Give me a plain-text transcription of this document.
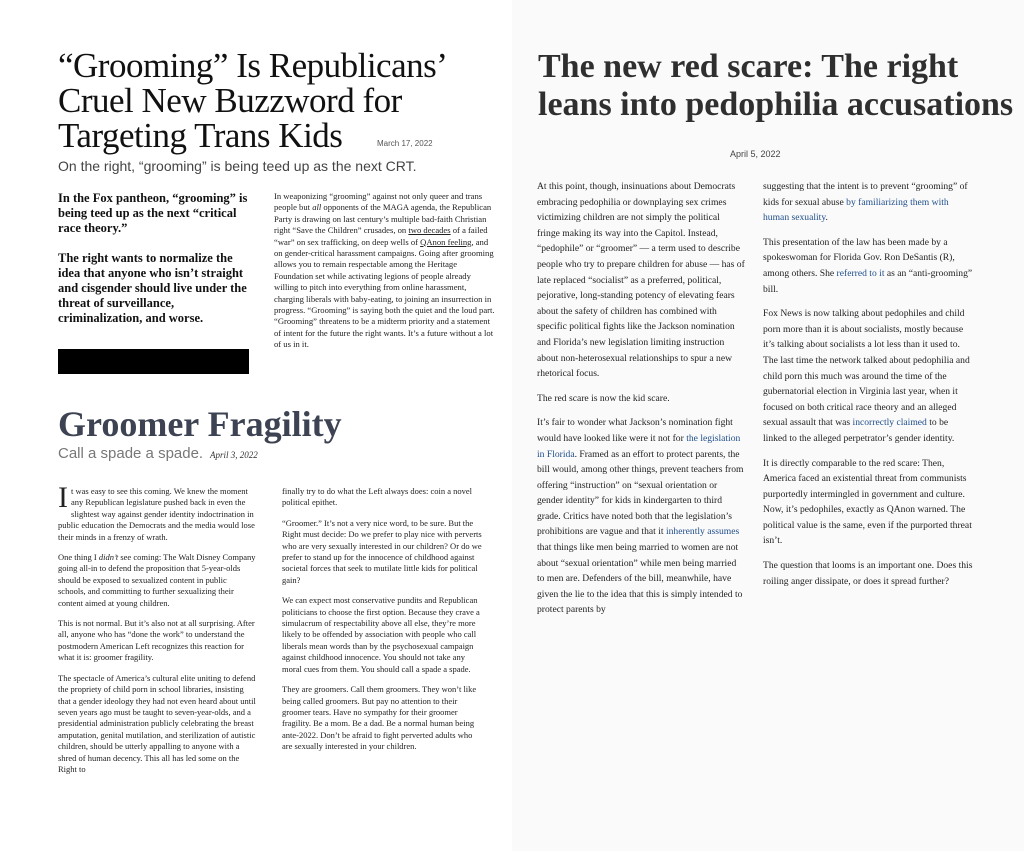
“Grooming” Is Republicans’ Cruel New Buzzword for Targeting Trans Kids	March 17, 2022
On the right, “grooming” is being teed up as the next CRT.

In the Fox pantheon, “grooming” is being teed up as the next “critical race theory.”

The right wants to normalize the idea that anyone who isn’t straight and cisgender should live under the threat of surveillance, criminalization, and worse.

In weaponizing “grooming” against not only queer and trans people but all opponents of the MAGA agenda, the Republican Party is drawing on last century’s multiple bad-faith Christian right “Save the Children” crusades, on two decades of a failed “war” on sex trafficking, on deep wells of QAnon feeling, and on gender-critical harassment campaigns. Going after grooming allows you to remain respectable among the Heritage Foundation set while activating legions of people already willing to pitch into everything from online harassment, charging liberals with baby-eating, to joining an insurrection in progress. “Grooming” is saying both the quiet and the loud part. “Grooming” threatens to be a midterm priority and a statement of intent for the future the right wants. It’s a future without a lot of us in it.

The new red scare: The right leans into pedophilia accusations
April 5, 2022

At this point, though, insinuations about Democrats embracing pedophilia or downplaying sex crimes victimizing children are not simply the political fringe making its way into the Capitol. Instead, “pedophile” or “groomer” — a term used to describe people who try to prepare children for abuse — has of late replaced “socialist” as a preferred, political, pejorative, long-standing potency of elevating fears about the safety of children has combined with specific political fights like the Jackson nomination and Florida’s new legislation limiting instruction about non-heterosexual relationships to spur a new rhetorical focus.

The red scare is now the kid scare.

It’s fair to wonder what Jackson’s nomination fight would have looked like were it not for the legislation in Florida. Framed as an effort to protect parents, the bill would, among other things, prevent teachers from offering “instruction” on “sexual orientation or gender identity” for kids in kindergarten to third grade. Critics have noted both that the legislation’s prohibitions are vague and that it inherently assumes that things like men being married to women are not about “sexual orientation” while men being married to men are. Defenders of the bill, meanwhile, have given the lie to the idea that this is simply intended to protect parents by

suggesting that the intent is to prevent “grooming” of kids for sexual abuse by familiarizing them with human sexuality.

This presentation of the law has been made by a spokeswoman for Florida Gov. Ron DeSantis (R), among others. She referred to it as an “anti-grooming” bill.

Fox News is now talking about pedophiles and child porn more than it is about socialists, mostly because it’s talking about socialists a lot less than it used to. The last time the network talked about pedophilia and child porn this much was around the time of the gubernatorial election in Virginia last year, when it focused on both critical race theory and an alleged sexual assault that was incorrectly claimed to be linked to the alleged perpetrator’s gender identity.

It is directly comparable to the red scare: Then, America faced an existential threat from communists purportedly intermingled in government and culture. Now, it’s pedophiles, exactly as QAnon warned. The political value is the same, even if the purported threat isn’t.

The question that looms is an important one. Does this roiling anger dissipate, or does it spread further?

Groomer Fragility
Call a spade a spade. April 3, 2022

It was easy to see this coming. We knew the moment any Republican legislature pushed back in even the slightest way against gender identity indoctrination in public education the Democrats and the media would lose their minds in a frenzy of wrath.

One thing I didn’t see coming: The Walt Disney Company going all-in to defend the proposition that 5-year-olds should be exposed to sexualized content in public schools, and committing to further sexualizing their content aimed at young children.

This is not normal. But it’s also not at all surprising. After all, anyone who has “done the work” to understand the postmodern American Left recognizes this reaction for what it is: groomer fragility.

The spectacle of America’s cultural elite uniting to defend the propriety of child porn in school libraries, insisting that a gender ideology they had not even heard about until seven years ago must be taught to seven-year-olds, and a presidential administration publicly celebrating the breast amputation, genital mutilation, and sterilization of autistic children, should be utterly appalling to anyone with a shred of human decency. This all has led some on the Right to

finally try to do what the Left always does: coin a novel political epithet.

“Groomer.” It’s not a very nice word, to be sure. But the Right must decide: Do we prefer to play nice with perverts who are very sexually interested in our children? Or do we prefer to stand up for the innocence of childhood against societal forces that seek to mutilate little kids for political gain?

We can expect most conservative pundits and Republican politicians to choose the first option. Because they crave a simulacrum of respectability above all else, they’re more likely to be offended by association with people who call liberals mean words than by the psychosexual campaign against childhood innocence. You should not take any moral cues from them. You should call a spade a spade.

They are groomers. Call them groomers. They won’t like being called groomers. But pay no attention to their groomer tears. Have no sympathy for their groomer fragility. Be a mom. Be a dad. Be a normal human being ante-2022. Don’t be afraid to fight perverted adults who are sexually interested in your children.
